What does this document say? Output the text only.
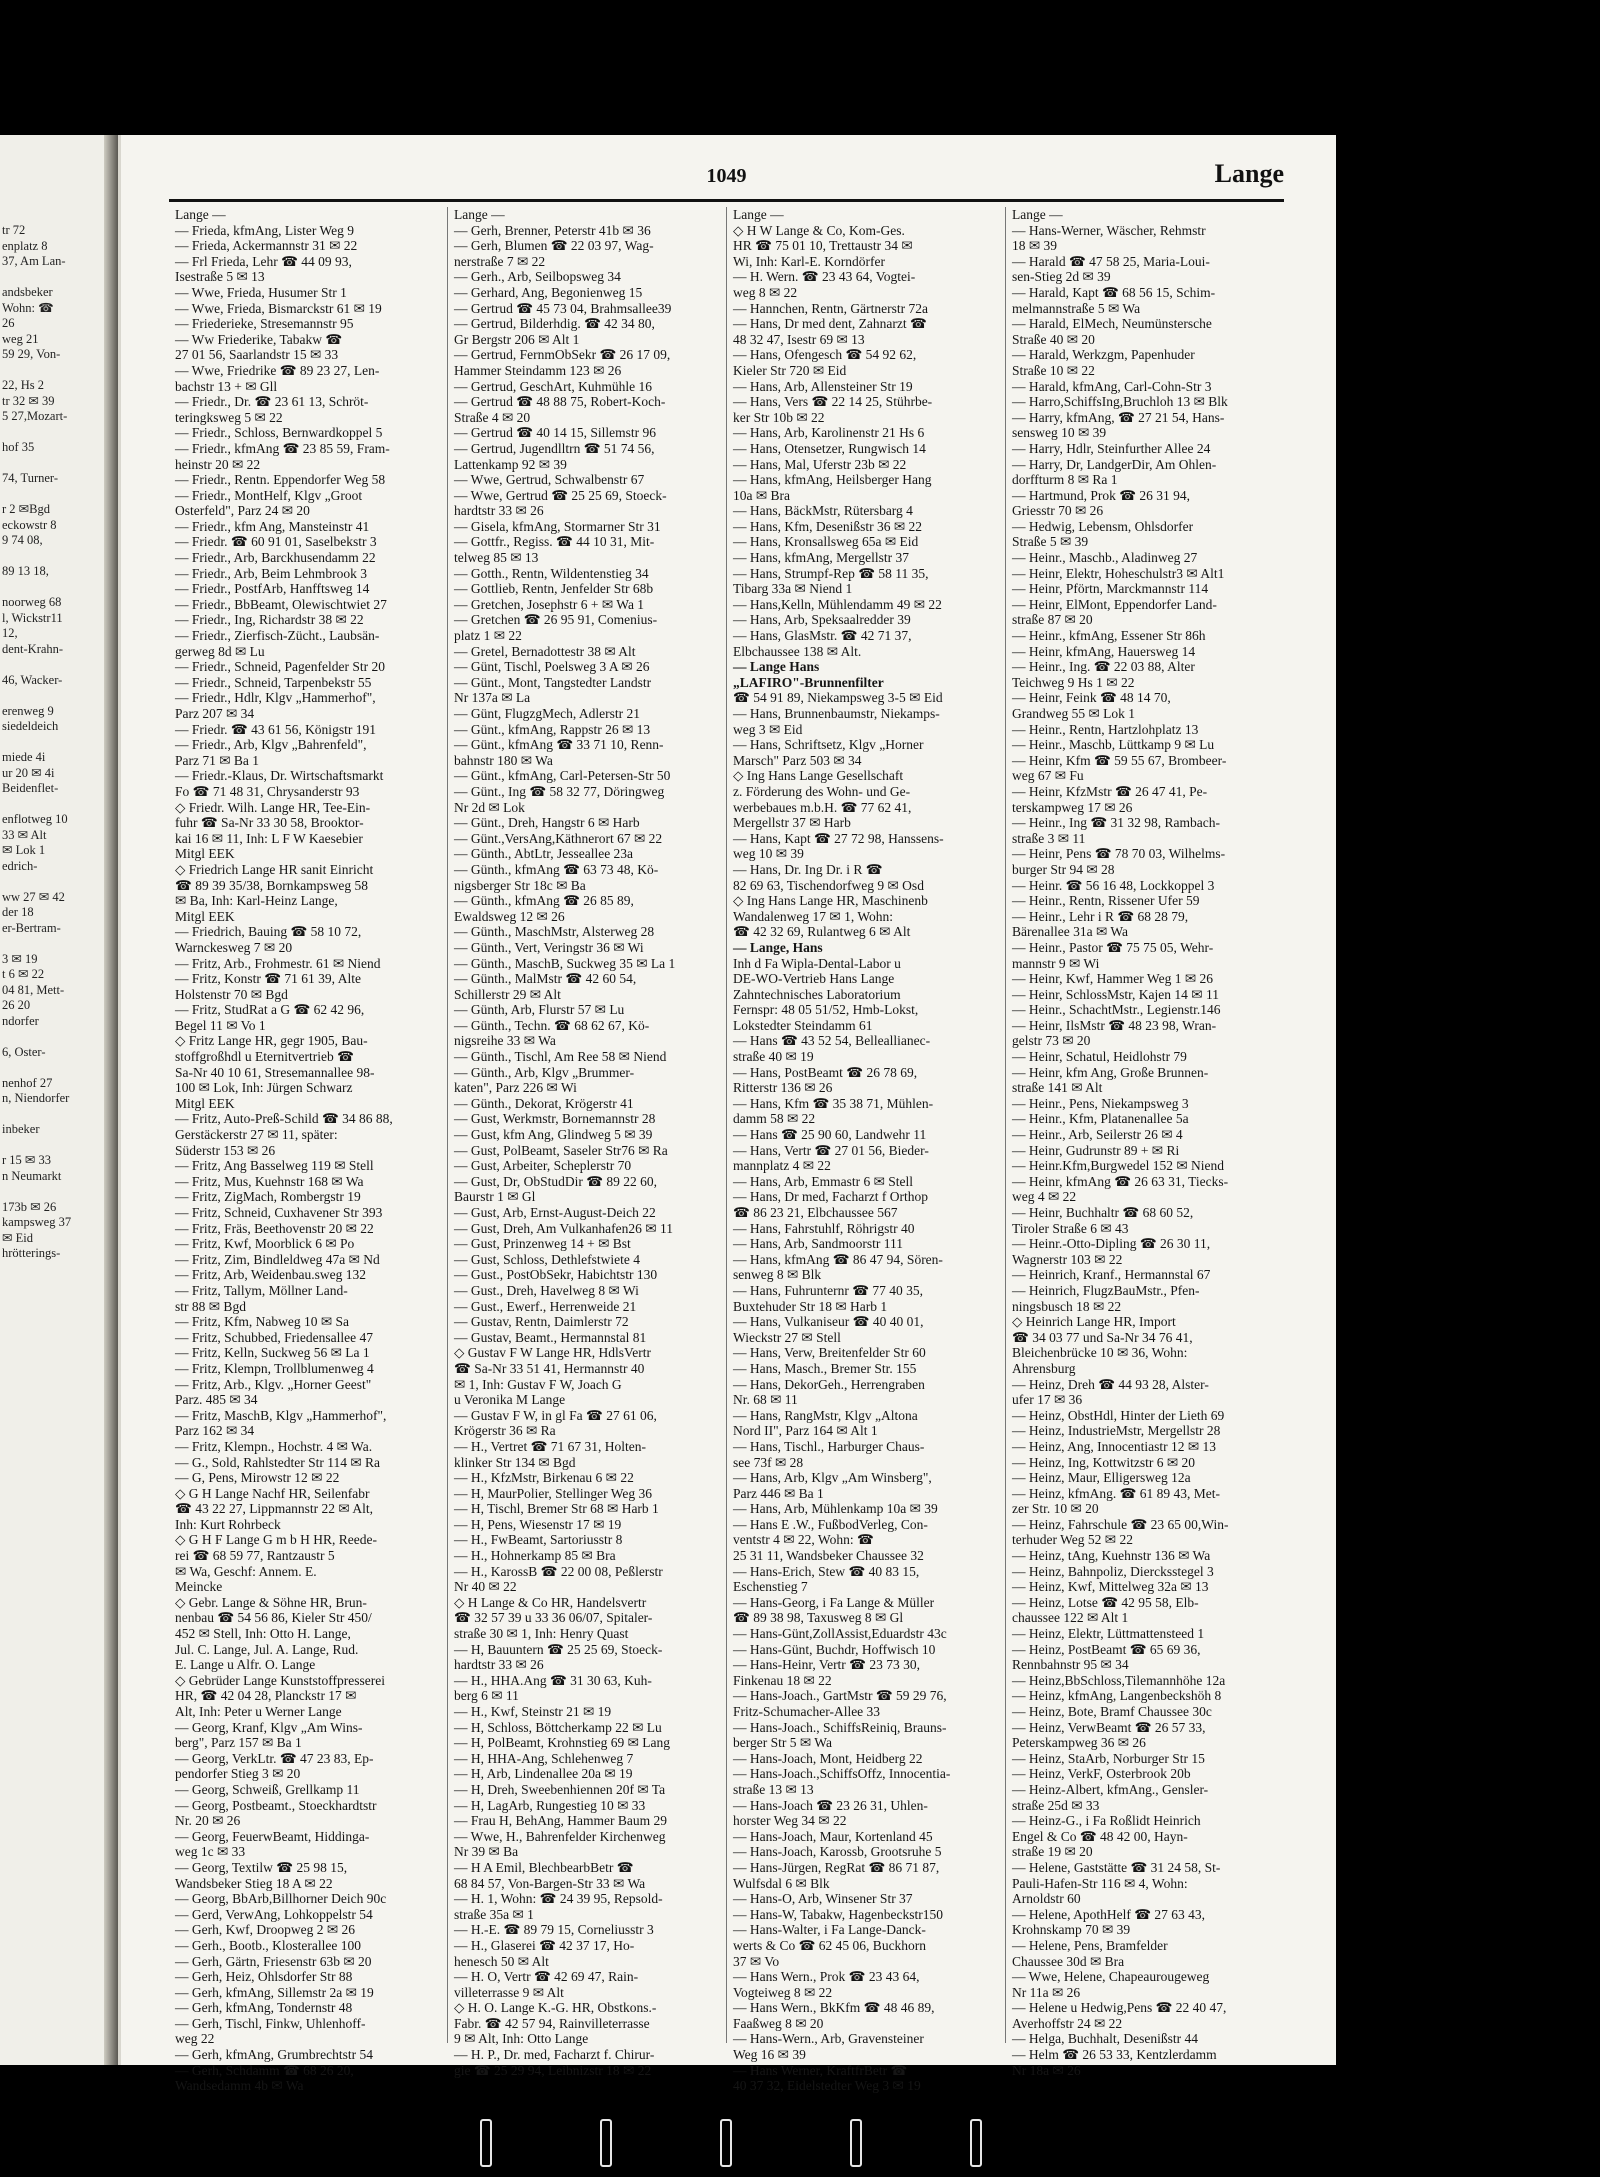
tr 72
enplatz 8
37, Am Lan-

andsbeker
Wohn: ☎
26
weg 21
59 29, Von-

22, Hs 2
tr 32 ✉ 39
5 27,Mozart-

hof 35

74, Turner-

r 2 ✉Bgd
eckowstr 8
9 74 08,

89 13 18,

noorweg 68
l, Wickstr11
12,
dent-Krahn-

46, Wacker-

erenweg 9
siedeldeich

miede 4i
ur 20 ✉ 4i
Beidenflet-

enflotweg 10
33 ✉ Alt
✉ Lok 1
edrich-

ww 27 ✉ 42
der 18
er-Bertram-

3 ✉ 19
t 6 ✉ 22
04 81, Mett-
26 20
ndorfer

6, Oster-

nenhof 27
n, Niendorfer

inbeker

r 15 ✉ 33
n Neumarkt

173b ✉ 26
kampsweg 37
✉ Eid
hrötterings-
1049	Lange
Lange —
— Frieda, kfmAng, Lister Weg 9
— Frieda, Ackermannstr 31 ✉ 22
— Frl Frieda, Lehr ☎ 44 09 93,
Isestraße 5 ✉ 13
— Wwe, Frieda, Husumer Str 1
— Wwe, Frieda, Bismarckstr 61 ✉ 19
— Friederieke, Stresemannstr 95
— Ww Friederike, Tabakw ☎
27 01 56, Saarlandstr 15 ✉ 33
— Wwe, Friedrike ☎ 89 23 27, Len-
bachstr 13 + ✉ Gll
— Friedr., Dr. ☎ 23 61 13, Schröt-
teringksweg 5 ✉ 22
— Friedr., Schloss, Bernwardkoppel 5
— Friedr., kfmAng ☎ 23 85 59, Fram-
heinstr 20 ✉ 22
— Friedr., Rentn. Eppendorfer Weg 58
— Friedr., MontHelf, Klgv „Groot
Osterfeld", Parz 24 ✉ 20
— Friedr., kfm Ang, Mansteinstr 41
— Friedr. ☎ 60 91 01, Saselbekstr 3
— Friedr., Arb, Barckhusendamm 22
— Friedr., Arb, Beim Lehmbrook 3
— Friedr., PostfArb, Hanfftsweg 14
— Friedr., BbBeamt, Olewischtwiet 27
— Friedr., Ing, Richardstr 38 ✉ 22
— Friedr., Zierfisch-Zücht., Laubsän-
gerweg 8d ✉ Lu
— Friedr., Schneid, Pagenfelder Str 20
— Friedr., Schneid, Tarpenbekstr 55
— Friedr., Hdlr, Klgv „Hammerhof",
Parz 207 ✉ 34
— Friedr. ☎ 43 61 56, Königstr 191
— Friedr., Arb, Klgv „Bahrenfeld",
Parz 71 ✉ Ba 1
— Friedr.-Klaus, Dr. Wirtschaftsmarkt
Fo ☎ 71 48 31, Chrysanderstr 93
◇ Friedr. Wilh. Lange HR, Tee-Ein-
fuhr ☎ Sa-Nr 33 30 58, Brooktor-
kai 16 ✉ 11, Inh: L F W Kaesebier
Mitgl EEK
◇ Friedrich Lange HR sanit Einricht
☎ 89 39 35/38, Bornkampsweg 58
✉ Ba, Inh: Karl-Heinz Lange,
Mitgl EEK
— Friedrich, Bauing ☎ 58 10 72,
Warnckesweg 7 ✉ 20
— Fritz, Arb., Frohmestr. 61 ✉ Niend
— Fritz, Konstr ☎ 71 61 39, Alte
Holstenstr 70 ✉ Bgd
— Fritz, StudRat a G ☎ 62 42 96,
Begel 11 ✉ Vo 1
◇ Fritz Lange HR, gegr 1905, Bau-
stoffgroßhdl u Eternitvertrieb ☎
Sa-Nr 40 10 61, Stresemannallee 98-
100 ✉ Lok, Inh: Jürgen Schwarz
Mitgl EEK
— Fritz, Auto-Preß-Schild ☎ 34 86 88,
Gerstäckerstr 27 ✉ 11, später:
Süderstr 153 ✉ 26
— Fritz, Ang Basselweg 119 ✉ Stell
— Fritz, Mus, Kuehnstr 168 ✉ Wa
— Fritz, ZigMach, Rombergstr 19
— Fritz, Schneid, Cuxhavener Str 393
— Fritz, Fräs, Beethovenstr 20 ✉ 22
— Fritz, Kwf, Moorblick 6 ✉ Po
— Fritz, Zim, Bindleldweg 47a ✉ Nd
— Fritz, Arb, Weidenbau.sweg 132
— Fritz, Tallym, Möllner Land-
str 88 ✉ Bgd
— Fritz, Kfm, Nabweg 10 ✉ Sa
— Fritz, Schubbed, Friedensallee 47
— Fritz, Kelln, Suckweg 56 ✉ La 1
— Fritz, Klempn, Trollblumenweg 4
— Fritz, Arb., Klgv. „Horner Geest"
Parz. 485 ✉ 34
— Fritz, MaschB, Klgv „Hammerhof",
Parz 162 ✉ 34
— Fritz, Klempn., Hochstr. 4 ✉ Wa.
— G., Sold, Rahlstedter Str 114 ✉ Ra
— G, Pens, Mirowstr 12 ✉ 22
◇ G H Lange Nachf HR, Seilenfabr
☎ 43 22 27, Lippmannstr 22 ✉ Alt,
Inh: Kurt Rohrbeck
◇ G H F Lange G m b H HR, Reede-
rei ☎ 68 59 77, Rantzaustr 5
✉ Wa, Geschf: Annem. E.
Meincke
◇ Gebr. Lange & Söhne HR, Brun-
nenbau ☎ 54 56 86, Kieler Str 450/
452 ✉ Stell, Inh: Otto H. Lange,
Jul. C. Lange, Jul. A. Lange, Rud.
E. Lange u Alfr. O. Lange
◇ Gebrüder Lange Kunststoffpresserei
HR, ☎ 42 04 28, Planckstr 17 ✉
Alt, Inh: Peter u Werner Lange
— Georg, Kranf, Klgv „Am Wins-
berg", Parz 157 ✉ Ba 1
— Georg, VerkLtr. ☎ 47 23 83, Ep-
pendorfer Stieg 3 ✉ 20
— Georg, Schweiß, Grellkamp 11
— Georg, Postbeamt., Stoeckhardtstr
Nr. 20 ✉ 26
— Georg, FeuerwBeamt, Hiddinga-
weg 1c ✉ 33
— Georg, Textilw ☎ 25 98 15,
Wandsbeker Stieg 18 A ✉ 22
— Georg, BbArb,Billhorner Deich 90c
— Gerd, VerwAng, Lohkoppelstr 54
— Gerh, Kwf, Droopweg 2 ✉ 26
— Gerh., Bootb., Klosterallee 100
— Gerh, Gärtn, Friesenstr 63b ✉ 20
— Gerh, Heiz, Ohlsdorfer Str 88
— Gerh, kfmAng, Sillemstr 2a ✉ 19
— Gerh, kfmAng, Tondernstr 48
— Gerh, Tischl, Finkw, Uhlenhoff-
weg 22
— Gerh, kfmAng, Grumbrechtstr 54
— Gerh, Schdamm ☎ 68 26 20,
Wandsedamm 4b ✉ Wa
Lange —
— Gerh, Brenner, Peterstr 41b ✉ 36
— Gerh, Blumen ☎ 22 03 97, Wag-
nerstraße 7 ✉ 22
— Gerh., Arb, Seilbopsweg 34
— Gerhard, Ang, Begonienweg 15
— Gertrud ☎ 45 73 04, Brahmsallee39
— Gertrud, Bilderhdig. ☎ 42 34 80,
Gr Bergstr 206 ✉ Alt 1
— Gertrud, FernmObSekr ☎ 26 17 09,
Hammer Steindamm 123 ✉ 26
— Gertrud, GeschArt, Kuhmühle 16
— Gertrud ☎ 48 88 75, Robert-Koch-
Straße 4 ✉ 20
— Gertrud ☎ 40 14 15, Sillemstr 96
— Gertrud, Jugendlltrn ☎ 51 74 56,
Lattenkamp 92 ✉ 39
— Wwe, Gertrud, Schwalbenstr 67
— Wwe, Gertrud ☎ 25 25 69, Stoeck-
hardtstr 33 ✉ 26
— Gisela, kfmAng, Stormarner Str 31
— Gottfr., Regiss. ☎ 44 10 31, Mit-
telweg 85 ✉ 13
— Gotth., Rentn, Wildentenstieg 34
— Gottlieb, Rentn, Jenfelder Str 68b
— Gretchen, Josephstr 6 + ✉ Wa 1
— Gretchen ☎ 26 95 91, Comenius-
platz 1 ✉ 22
— Gretel, Bernadottestr 38 ✉ Alt
— Günt, Tischl, Poelsweg 3 A ✉ 26
— Günt., Mont, Tangstedter Landstr
Nr 137a ✉ La
— Günt, FlugzgMech, Adlerstr 21
— Günt., kfmAng, Rappstr 26 ✉ 13
— Günt., kfmAng ☎ 33 71 10, Renn-
bahnstr 180 ✉ Wa
— Günt., kfmAng, Carl-Petersen-Str 50
— Günt., Ing ☎ 58 32 77, Döringweg
Nr 2d ✉ Lok
— Günt., Dreh, Hangstr 6 ✉ Harb
— Günt.,VersAng,Käthnerort 67 ✉ 22
— Günth., AbtLtr, Jesseallee 23a
— Günth., kfmAng ☎ 63 73 48, Kö-
nigsberger Str 18c ✉ Ba
— Günth., kfmAng ☎ 26 85 89,
Ewaldsweg 12 ✉ 26
— Günth., MaschMstr, Alsterweg 28
— Günth., Vert, Veringstr 36 ✉ Wi
— Günth., MaschB, Suckweg 35 ✉ La 1
— Günth., MalMstr ☎ 42 60 54,
Schillerstr 29 ✉ Alt
— Günth, Arb, Flurstr 57 ✉ Lu
— Günth., Techn. ☎ 68 62 67, Kö-
nigsreihe 33 ✉ Wa
— Günth., Tischl, Am Ree 58 ✉ Niend
— Günth., Arb, Klgv „Brummer-
katen", Parz 226 ✉ Wi
— Günth., Dekorat, Krögerstr 41
— Gust, Werkmstr, Bornemannstr 28
— Gust, kfm Ang, Glindweg 5 ✉ 39
— Gust, PolBeamt, Saseler Str76 ✉ Ra
— Gust, Arbeiter, Scheplerstr 70
— Gust, Dr, ObStudDir ☎ 89 22 60,
Baurstr 1 ✉ Gl
— Gust, Arb, Ernst-August-Deich 22
— Gust, Dreh, Am Vulkanhafen26 ✉ 11
— Gust, Prinzenweg 14 + ✉ Bst
— Gust, Schloss, Dethlefstwiete 4
— Gust., PostObSekr, Habichtstr 130
— Gust., Dreh, Havelweg 8 ✉ Wi
— Gust., Ewerf., Herrenweide 21
— Gustav, Rentn, Daimlerstr 72
— Gustav, Beamt., Hermannstal 81
◇ Gustav F W Lange HR, HdlsVertr
☎ Sa-Nr 33 51 41, Hermannstr 40
✉ 1, Inh: Gustav F W, Joach G
u Veronika M Lange
— Gustav F W, in gl Fa ☎ 27 61 06,
Krögerstr 36 ✉ Ra
— H., Vertret ☎ 71 67 31, Holten-
klinker Str 134 ✉ Bgd
— H., KfzMstr, Birkenau 6 ✉ 22
— H, MaurPolier, Stellinger Weg 36
— H, Tischl, Bremer Str 68 ✉ Harb 1
— H, Pens, Wiesenstr 17 ✉ 19
— H., FwBeamt, Sartoriusstr 8
— H., Hohnerkamp 85 ✉ Bra
— H., KarossB ☎ 22 00 08, Peßlerstr
Nr 40 ✉ 22
◇ H Lange & Co HR, Handelsvertr
☎ 32 57 39 u 33 36 06/07, Spitaler-
straße 30 ✉ 1, Inh: Henry Quast
— H, Bauuntern ☎ 25 25 69, Stoeck-
hardtstr 33 ✉ 26
— H., HHA.Ang ☎ 31 30 63, Kuh-
berg 6 ✉ 11
— H., Kwf, Steinstr 21 ✉ 19
— H, Schloss, Böttcherkamp 22 ✉ Lu
— H, PolBeamt, Krohnstieg 69 ✉ Lang
— H, HHA-Ang, Schlehenweg 7
— H, Arb, Lindenallee 20a ✉ 19
— H, Dreh, Sweebenhiennen 20f ✉ Ta
— H, LagArb, Rungestieg 10 ✉ 33
— Frau H, BehAng, Hammer Baum 29
— Wwe, H., Bahrenfelder Kirchenweg
Nr 39 ✉ Ba
— H A Emil, BlechbearbBetr ☎
68 84 57, Von-Bargen-Str 33 ✉ Wa
— H. 1, Wohn: ☎ 24 39 95, Repsold-
straße 35a ✉ 1
— H.-E. ☎ 89 79 15, Corneliusstr 3
— H., Glaserei ☎ 42 37 17, Ho-
henesch 50 ✉ Alt
— H. O, Vertr ☎ 42 69 47, Rain-
villeterrasse 9 ✉ Alt
◇ H. O. Lange K.-G. HR, Obstkons.-
Fabr. ☎ 42 57 94, Rainvilleterrasse
9 ✉ Alt, Inh: Otto Lange
— H. P., Dr. med, Facharzt f. Chirur-
gie ☎ 25 29 94, Leibnizstr 18 ✉ 22
Lange —
◇ H W Lange & Co, Kom-Ges.
HR ☎ 75 01 10, Trettaustr 34 ✉
Wi, Inh: Karl-E. Korndörfer
— H. Wern. ☎ 23 43 64, Vogtei-
weg 8 ✉ 22
— Hannchen, Rentn, Gärtnerstr 72a
— Hans, Dr med dent, Zahnarzt ☎
48 32 47, Isestr 69 ✉ 13
— Hans, Ofengesch ☎ 54 92 62,
Kieler Str 720 ✉ Eid
— Hans, Arb, Allensteiner Str 19
— Hans, Vers ☎ 22 14 25, Stührbe-
ker Str 10b ✉ 22
— Hans, Arb, Karolinenstr 21 Hs 6
— Hans, Otensetzer, Rungwisch 14
— Hans, Mal, Uferstr 23b ✉ 22
— Hans, kfmAng, Heilsberger Hang
10a ✉ Bra
— Hans, BäckMstr, Rütersbarg 4
— Hans, Kfm, Desenißstr 36 ✉ 22
— Hans, Kronsallsweg 65a ✉ Eid
— Hans, kfmAng, Mergellstr 37
— Hans, Strumpf-Rep ☎ 58 11 35,
Tibarg 33a ✉ Niend 1
— Hans,Kelln, Mühlendamm 49 ✉ 22
— Hans, Arb, Speksaalredder 39
— Hans, GlasMstr. ☎ 42 71 37,
Elbchaussee 138 ✉ Alt.
— Lange Hans
„LAFIRO"-Brunnenfilter
☎ 54 91 89, Niekampsweg 3-5 ✉ Eid
— Hans, Brunnenbaumstr, Niekamps-
weg 3 ✉ Eid
— Hans, Schriftsetz, Klgv „Horner
Marsch" Parz 503 ✉ 34
◇ Ing Hans Lange Gesellschaft
z. Förderung des Wohn- und Ge-
werbebaues m.b.H. ☎ 77 62 41,
Mergellstr 37 ✉ Harb
— Hans, Kapt ☎ 27 72 98, Hanssens-
weg 10 ✉ 39
— Hans, Dr. Ing Dr. i R ☎
82 69 63, Tischendorfweg 9 ✉ Osd
◇ Ing Hans Lange HR, Maschinenb
Wandalenweg 17 ✉ 1, Wohn:
☎ 42 32 69, Rulantweg 6 ✉ Alt
— Lange, Hans
Inh d Fa Wipla-Dental-Labor u
DE-WO-Vertrieb Hans Lange
Zahntechnisches Laboratorium
Fernspr: 48 05 51/52, Hmb-Lokst,
Lokstedter Steindamm 61
— Hans ☎ 43 52 54, Belleallianec-
straße 40 ✉ 19
— Hans, PostBeamt ☎ 26 78 69,
Ritterstr 136 ✉ 26
— Hans, Kfm ☎ 35 38 71, Mühlen-
damm 58 ✉ 22
— Hans ☎ 25 90 60, Landwehr 11
— Hans, Vertr ☎ 27 01 56, Bieder-
mannplatz 4 ✉ 22
— Hans, Arb, Emmastr 6 ✉ Stell
— Hans, Dr med, Facharzt f Orthop
☎ 86 23 21, Elbchaussee 567
— Hans, Fahrstuhlf, Röhrigstr 40
— Hans, Arb, Sandmoorstr 111
— Hans, kfmAng ☎ 86 47 94, Sören-
senweg 8 ✉ Blk
— Hans, Fuhrunternr ☎ 77 40 35,
Buxtehuder Str 18 ✉ Harb 1
— Hans, Vulkaniseur ☎ 40 40 01,
Wieckstr 27 ✉ Stell
— Hans, Verw, Breitenfelder Str 60
— Hans, Masch., Bremer Str. 155
— Hans, DekorGeh., Herrengraben
Nr. 68 ✉ 11
— Hans, RangMstr, Klgv „Altona
Nord II", Parz 164 ✉ Alt 1
— Hans, Tischl., Harburger Chaus-
see 73f ✉ 28
— Hans, Arb, Klgv „Am Winsberg",
Parz 446 ✉ Ba 1
— Hans, Arb, Mühlenkamp 10a ✉ 39
— Hans E .W., FußbodVerleg, Con-
ventstr 4 ✉ 22, Wohn: ☎
25 31 11, Wandsbeker Chaussee 32
— Hans-Erich, Stew ☎ 40 83 15,
Eschenstieg 7
— Hans-Georg, i Fa Lange & Müller
☎ 89 38 98, Taxusweg 8 ✉ Gl
— Hans-Günt,ZollAssist,Eduardstr 43c
— Hans-Günt, Buchdr, Hoffwisch 10
— Hans-Heinr, Vertr ☎ 23 73 30,
Finkenau 18 ✉ 22
— Hans-Joach., GartMstr ☎ 59 29 76,
Fritz-Schumacher-Allee 33
— Hans-Joach., SchiffsReiniq, Brauns-
berger Str 5 ✉ Wa
— Hans-Joach, Mont, Heidberg 22
— Hans-Joach.,SchiffsOffz, Innocentia-
straße 13 ✉ 13
— Hans-Joach ☎ 23 26 31, Uhlen-
horster Weg 34 ✉ 22
— Hans-Joach, Maur, Kortenland 45
— Hans-Joach, Karossb, Grootsruhe 5
— Hans-Jürgen, RegRat ☎ 86 71 87,
Wulfsdal 6 ✉ Blk
— Hans-O, Arb, Winsener Str 37
— Hans-W, Tabakw, Hagenbeckstr150
— Hans-Walter, i Fa Lange-Danck-
werts & Co ☎ 62 45 06, Buckhorn
37 ✉ Vo
— Hans Wern., Prok ☎ 23 43 64,
Vogteiweg 8 ✉ 22
— Hans Wern., BkKfm ☎ 48 46 89,
Faaßweg 8 ✉ 20
— Hans-Wern., Arb, Gravensteiner
Weg 16 ✉ 39
— Hans Werner, KraftfrBetr ☎
40 37 32, Eidelstedter Weg 3 ✉ 19
Lange —
— Hans-Werner, Wäscher, Rehmstr
18 ✉ 39
— Harald ☎ 47 58 25, Maria-Loui-
sen-Stieg 2d ✉ 39
— Harald, Kapt ☎ 68 56 15, Schim-
melmannstraße 5 ✉ Wa
— Harald, ElMech, Neumünstersche
Straße 40 ✉ 20
— Harald, Werkzgm, Papenhuder
Straße 10 ✉ 22
— Harald, kfmAng, Carl-Cohn-Str 3
— Harro,SchiffsIng,Bruchloh 13 ✉ Blk
— Harry, kfmAng, ☎ 27 21 54, Hans-
sensweg 10 ✉ 39
— Harry, Hdlr, Steinfurther Allee 24
— Harry, Dr, LandgerDir, Am Ohlen-
dorffturm 8 ✉ Ra 1
— Hartmund, Prok ☎ 26 31 94,
Griesstr 70 ✉ 26
— Hedwig, Lebensm, Ohlsdorfer
Straße 5 ✉ 39
— Heinr., Maschb., Aladinweg 27
— Heinr, Elektr, Hoheschulstr3 ✉ Alt1
— Heinr, Pförtn, Marckmannstr 114
— Heinr, ElMont, Eppendorfer Land-
straße 87 ✉ 20
— Heinr., kfmAng, Essener Str 86h
— Heinr, kfmAng, Hauersweg 14
— Heinr., Ing. ☎ 22 03 88, Alter
Teichweg 9 Hs 1 ✉ 22
— Heinr, Feink ☎ 48 14 70,
Grandweg 55 ✉ Lok 1
— Heinr., Rentn, Hartzlohplatz 13
— Heinr., Maschb, Lüttkamp 9 ✉ Lu
— Heinr, Kfm ☎ 59 55 67, Brombeer-
weg 67 ✉ Fu
— Heinr, KfzMstr ☎ 26 47 41, Pe-
terskampweg 17 ✉ 26
— Heinr., Ing ☎ 31 32 98, Rambach-
straße 3 ✉ 11
— Heinr, Pens ☎ 78 70 03, Wilhelms-
burger Str 94 ✉ 28
— Heinr. ☎ 56 16 48, Lockkoppel 3
— Heinr., Rentn, Rissener Ufer 59
— Heinr., Lehr i R ☎ 68 28 79,
Bärenallee 31a ✉ Wa
— Heinr., Pastor ☎ 75 75 05, Wehr-
mannstr 9 ✉ Wi
— Heinr, Kwf, Hammer Weg 1 ✉ 26
— Heinr, SchlossMstr, Kajen 14 ✉ 11
— Heinr., SchachtMstr., Legienstr.146
— Heinr, IlsMstr ☎ 48 23 98, Wran-
gelstr 73 ✉ 20
— Heinr, Schatul, Heidlohstr 79
— Heinr, kfm Ang, Große Brunnen-
straße 141 ✉ Alt
— Heinr., Pens, Niekampsweg 3
— Heinr., Kfm, Platanenallee 5a
— Heinr., Arb, Seilerstr 26 ✉ 4
— Heinr, Gudrunstr 89 + ✉ Ri
— Heinr.Kfm,Burgwedel 152 ✉ Niend
— Heinr, kfmAng ☎ 26 63 31, Tiecks-
weg 4 ✉ 22
— Heinr, Buchhaltr ☎ 68 60 52,
Tiroler Straße 6 ✉ 43
— Heinr.-Otto-Dipling ☎ 26 30 11,
Wagnerstr 103 ✉ 22
— Heinrich, Kranf., Hermannstal 67
— Heinrich, FlugzBauMstr., Pfen-
ningsbusch 18 ✉ 22
◇ Heinrich Lange HR, Import
☎ 34 03 77 und Sa-Nr 34 76 41,
Bleichenbrücke 10 ✉ 36, Wohn:
Ahrensburg
— Heinz, Dreh ☎ 44 93 28, Alster-
ufer 17 ✉ 36
— Heinz, ObstHdl, Hinter der Lieth 69
— Heinz, IndustrieMstr, Mergellstr 28
— Heinz, Ang, Innocentiastr 12 ✉ 13
— Heinz, Ing, Kottwitzstr 6 ✉ 20
— Heinz, Maur, Elligersweg 12a
— Heinz, kfmAng. ☎ 61 89 43, Met-
zer Str. 10 ✉ 20
— Heinz, Fahrschule ☎ 23 65 00,Win-
terhuder Weg 52 ✉ 22
— Heinz, tAng, Kuehnstr 136 ✉ Wa
— Heinz, Bahnpoliz, Diercksstegel 3
— Heinz, Kwf, Mittelweg 32a ✉ 13
— Heinz, Lotse ☎ 42 95 58, Elb-
chaussee 122 ✉ Alt 1
— Heinz, Elektr, Lüttmattensteed 1
— Heinz, PostBeamt ☎ 65 69 36,
Rennbahnstr 95 ✉ 34
— Heinz,BbSchloss,Tilemannhöhe 12a
— Heinz, kfmAng, Langenbeckshöh 8
— Heinz, Bote, Bramf Chaussee 30c
— Heinz, VerwBeamt ☎ 26 57 33,
Peterskampweg 36 ✉ 26
— Heinz, StaArb, Norburger Str 15
— Heinz, VerkF, Osterbrook 20b
— Heinz-Albert, kfmAng., Gensler-
straße 25d ✉ 33
— Heinz-G., i Fa Roßlidt Heinrich
Engel & Co ☎ 48 42 00, Hayn-
straße 19 ✉ 20
— Helene, Gaststätte ☎ 31 24 58, St-
Pauli-Hafen-Str 116 ✉ 4, Wohn:
Arnoldstr 60
— Helene, ApothHelf ☎ 27 63 43,
Krohnskamp 70 ✉ 39
— Helene, Pens, Bramfelder
Chaussee 30d ✉ Bra
— Wwe, Helene, Chapeaurougeweg
Nr 11a ✉ 26
— Helene u Hedwig,Pens ☎ 22 40 47,
Averhoffstr 24 ✉ 22
— Helga, Buchhalt, Desenißstr 44
— Helm ☎ 26 53 33, Kentzlerdamm
Nr 18a ✉ 26
